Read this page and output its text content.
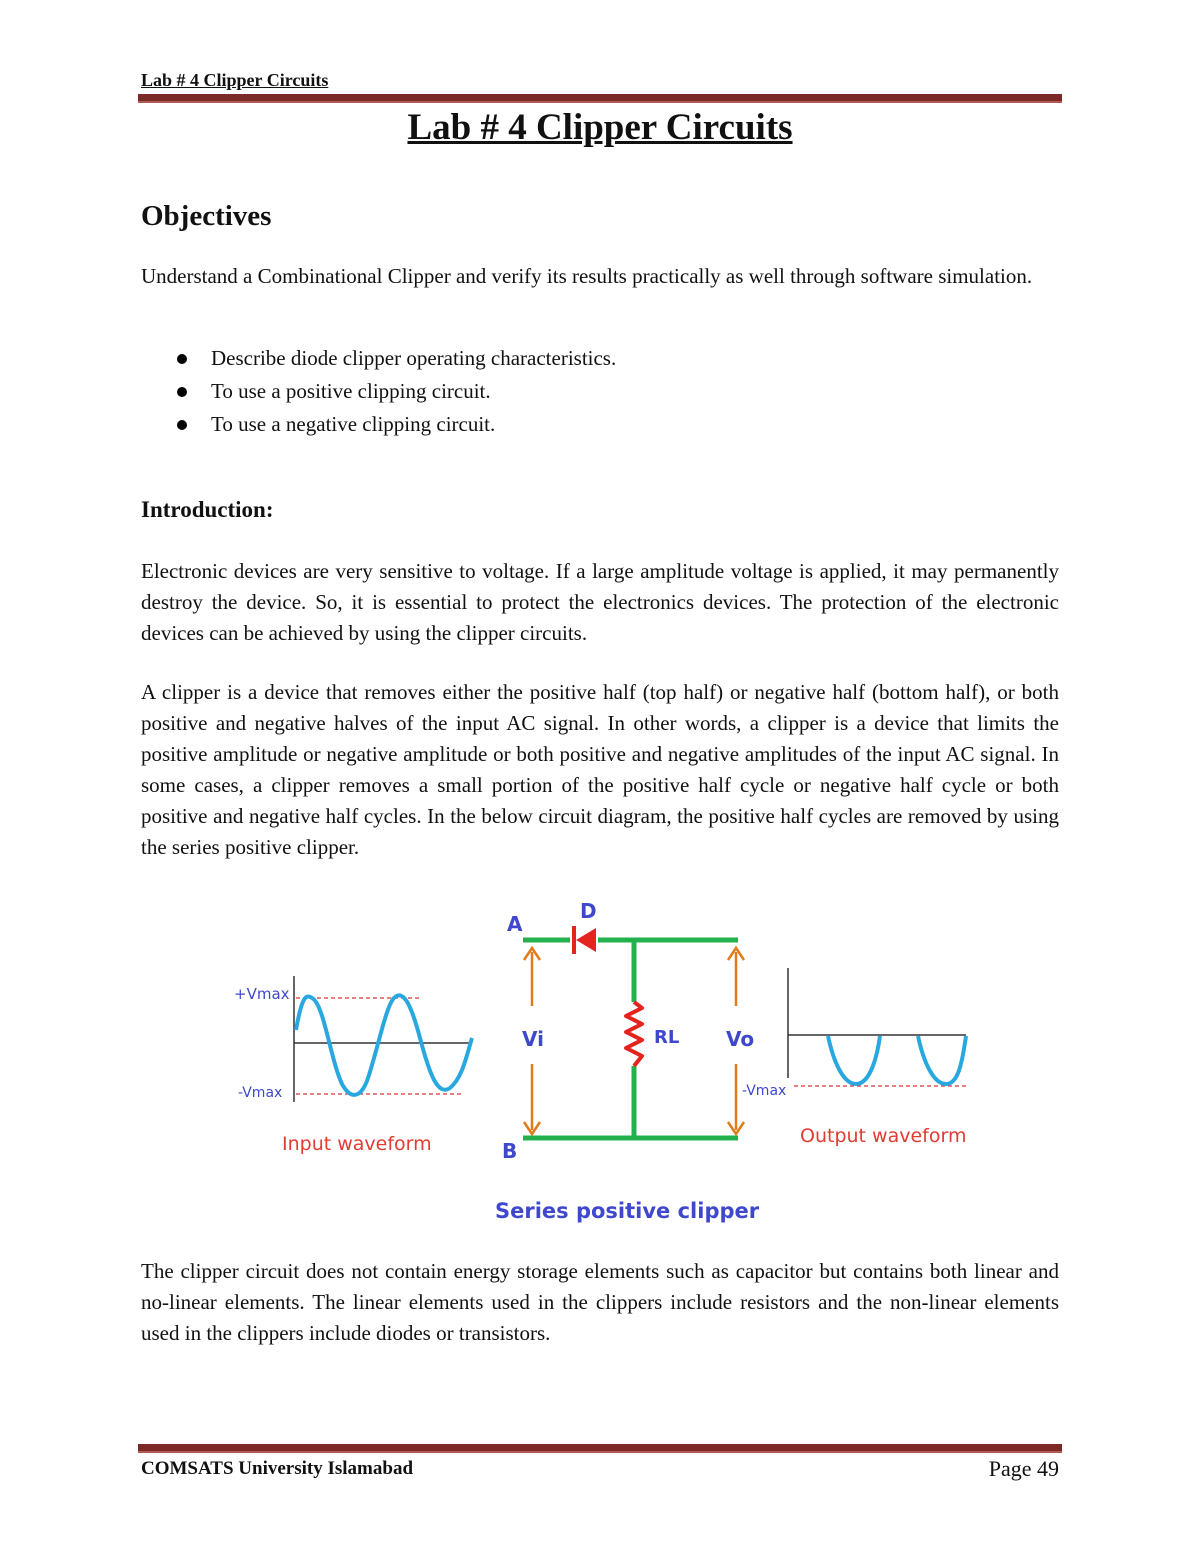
Lab # 4 Clipper Circuits
Lab # 4 Clipper Circuits
Objectives
Understand a Combinational Clipper and verify its results practically as well through software simulation.
Describe diode clipper operating characteristics.
To use a positive clipping circuit.
To use a negative clipping circuit.
Introduction:
Electronic devices are very sensitive to voltage. If a large amplitude voltage is applied, it may permanently destroy the device. So, it is essential to protect the electronics devices. The protection of the electronic devices can be achieved by using the clipper circuits.
A clipper is a device that removes either the positive half (top half) or negative half (bottom half), or both positive and negative halves of the input AC signal. In other words, a clipper is a device that limits the positive amplitude or negative amplitude or both positive and negative amplitudes of the input AC signal. In some cases, a clipper removes a small portion of the positive half cycle or negative half cycle or both positive and negative half cycles. In the below circuit diagram, the positive half cycles are removed by using the series positive clipper.
+Vmax
-Vmax
Input waveform
A
B
D
Vi	RL Vo
-Vmax
Output waveform
Series positive clipper
The clipper circuit does not contain energy storage elements such as capacitor but contains both linear and no-linear elements. The linear elements used in the clippers include resistors and the non-linear elements used in the clippers include diodes or transistors.
COMSATS University Islamabad	Page 49
